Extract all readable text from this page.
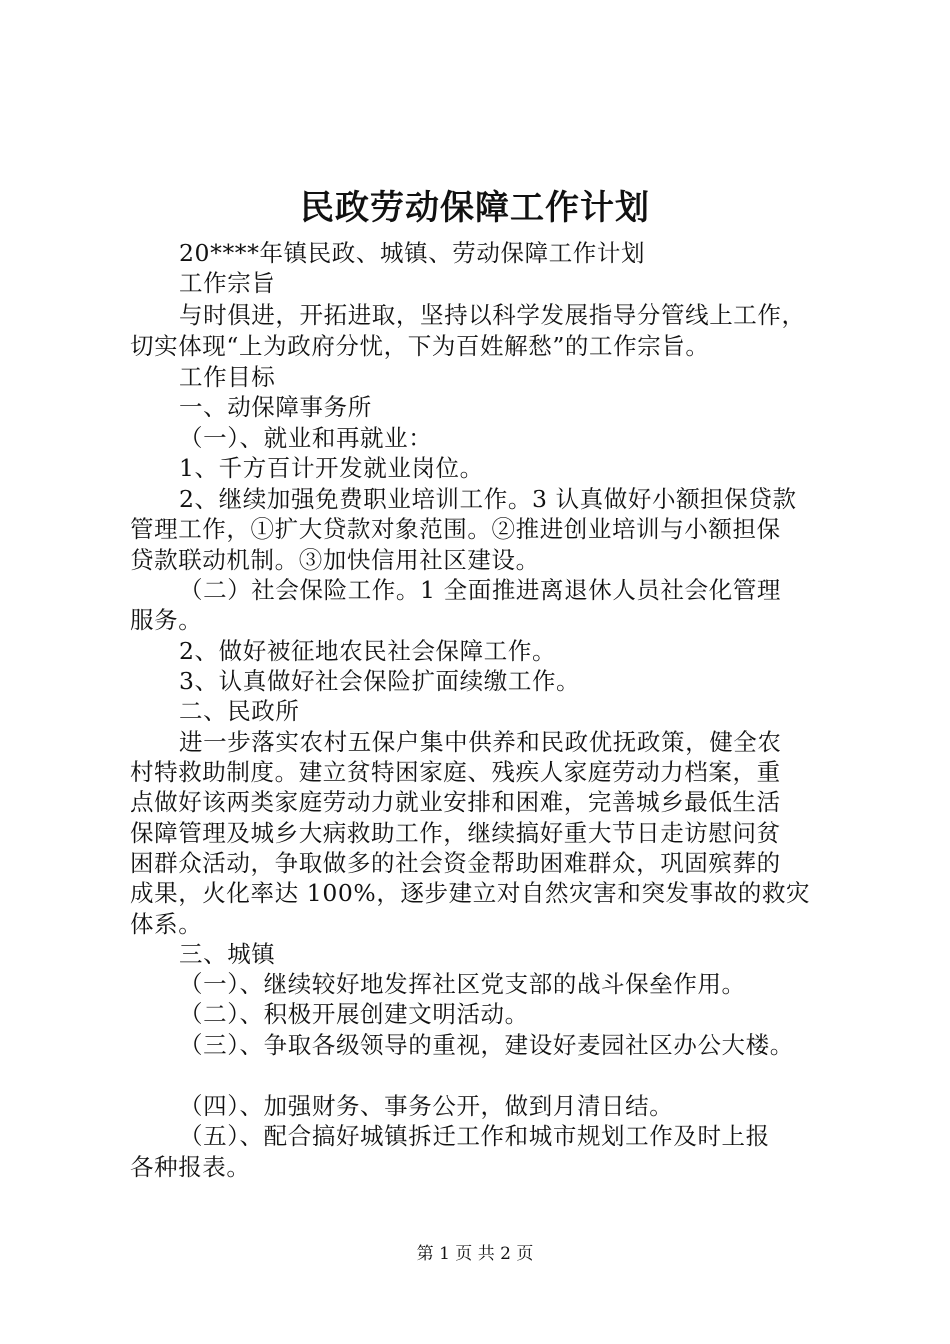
民政劳动保障工作计划
20****年镇民政、城镇、劳动保障工作计划
工作宗旨
与时俱进，开拓进取，坚持以科学发展指导分管线上工作，
切实体现“上为政府分忧，下为百姓解愁”的工作宗旨。
工作目标
一、动保障事务所
（一）、就业和再就业：
1、千方百计开发就业岗位。
2、继续加强免费职业培训工作。3 认真做好小额担保贷款
管理工作，①扩大贷款对象范围。②推进创业培训与小额担保
贷款联动机制。③加快信用社区建设。
（二）社会保险工作。1 全面推进离退休人员社会化管理
服务。
2、做好被征地农民社会保障工作。
3、认真做好社会保险扩面续缴工作。
二、民政所
进一步落实农村五保户集中供养和民政优抚政策，健全农
村特救助制度。建立贫特困家庭、残疾人家庭劳动力档案，重
点做好该两类家庭劳动力就业安排和困难，完善城乡最低生活
保障管理及城乡大病救助工作，继续搞好重大节日走访慰问贫
困群众活动，争取做多的社会资金帮助困难群众，巩固殡葬的
成果，火化率达 100%，逐步建立对自然灾害和突发事故的救灾
体系。
三、城镇
（一）、继续较好地发挥社区党支部的战斗保垒作用。
（二）、积极开展创建文明活动。
（三）、争取各级领导的重视，建设好麦园社区办公大楼。
（四）、加强财务、事务公开，做到月清日结。
（五）、配合搞好城镇拆迁工作和城市规划工作及时上报
各种报表。
第 1 页 共 2 页
